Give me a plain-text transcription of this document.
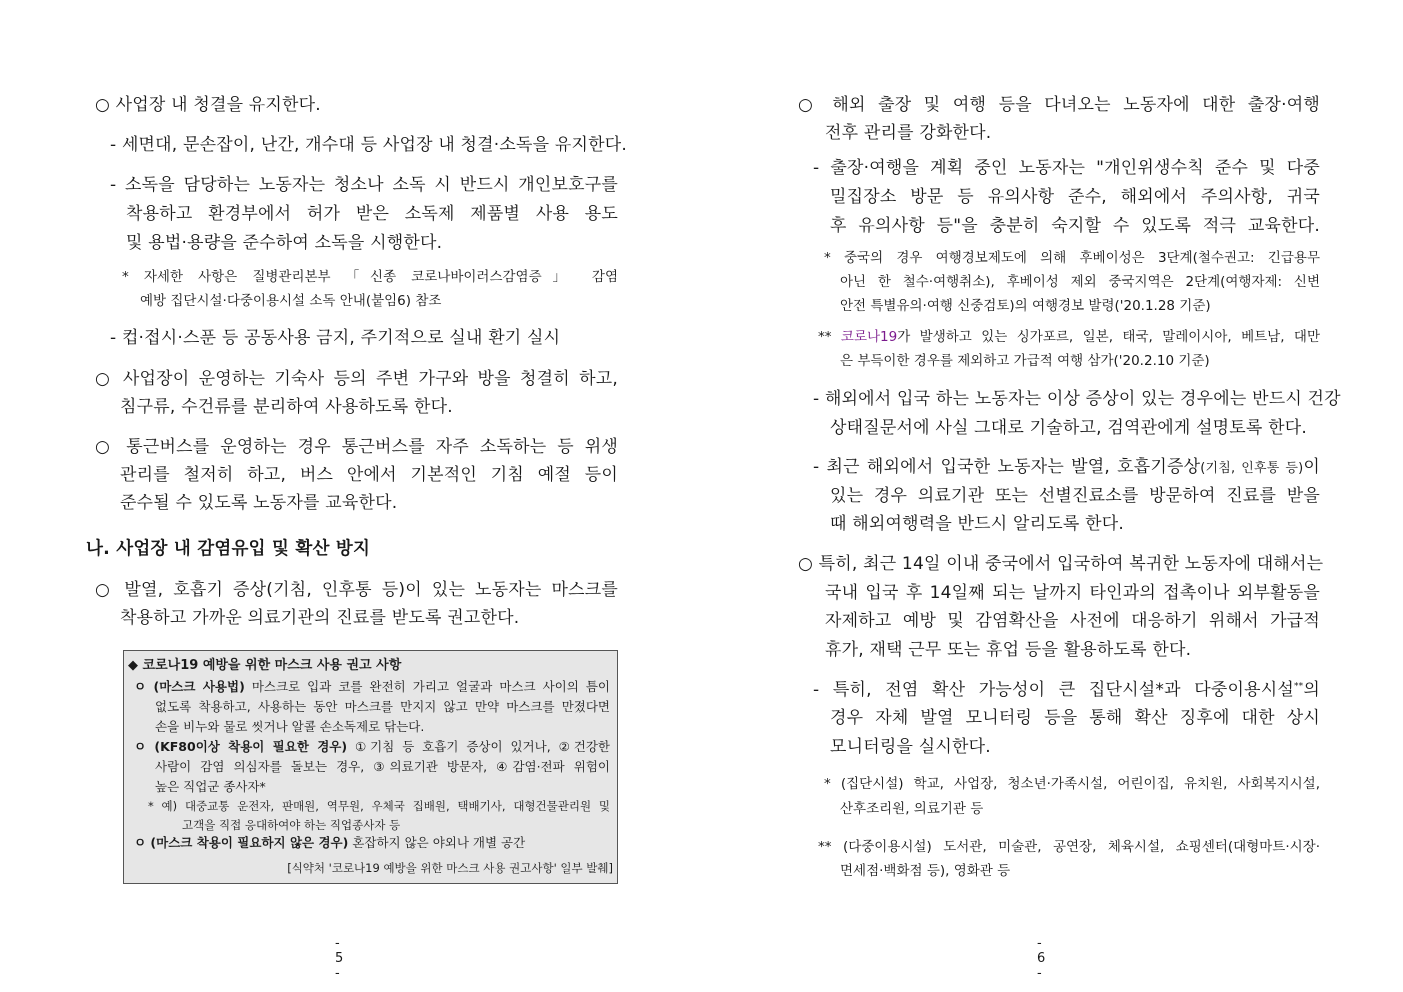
○ 사업장 내 청결을 유지한다.
- 세면대, 문손잡이, 난간, 개수대 등 사업장 내 청결·소독을 유지한다.
- 소독을 담당하는 노동자는 청소나 소독 시 반드시 개인보호구를
착용하고 환경부에서 허가 받은 소독제 제품별 사용 용도
및 용법·용량을 준수하여 소독을 시행한다.
* 자세한 사항은 질병관리본부 「신종 코로나바이러스감염증」 감염
예방 집단시설·다중이용시설 소독 안내(붙임6) 참조
- 컵·접시·스푼 등 공동사용 금지, 주기적으로 실내 환기 실시
○ 사업장이 운영하는 기숙사 등의 주변 가구와 방을 청결히 하고,
침구류, 수건류를 분리하여 사용하도록 한다.
○ 통근버스를 운영하는 경우 통근버스를 자주 소독하는 등 위생
관리를 철저히 하고, 버스 안에서 기본적인 기침 예절 등이
준수될 수 있도록 노동자를 교육한다.
나. 사업장 내 감염유입 및 확산 방지
○ 발열, 호흡기 증상(기침, 인후통 등)이 있는 노동자는 마스크를
착용하고 가까운 의료기관의 진료를 받도록 권고한다.
◆ 코로나19 예방을 위한 마스크 사용 권고 사항
ㅇ (마스크 사용법) 마스크로 입과 코를 완전히 가리고 얼굴과 마스크 사이의 틈이
없도록 착용하고, 사용하는 동안 마스크를 만지지 않고 만약 마스크를 만졌다면
손을 비누와 물로 씻거나 알콜 손소독제로 닦는다.
ㅇ (KF80이상 착용이 필요한 경우) ①기침 등 호흡기 증상이 있거나, ②건강한
사람이 감염 의심자를 돌보는 경우, ③의료기관 방문자, ④감염·전파 위험이
높은 직업군 종사자*
* 예) 대중교통 운전자, 판매원, 역무원, 우체국 집배원, 택배기사, 대형건물관리원 및
고객을 직접 응대하여야 하는 직업종사자 등
ㅇ (마스크 착용이 필요하지 않은 경우) 혼잡하지 않은 야외나 개별 공간
[식약처 '코로나19 예방을 위한 마스크 사용 권고사항' 일부 발췌]
- 5 -
○ 해외 출장 및 여행 등을 다녀오는 노동자에 대한 출장·여행
전후 관리를 강화한다.
- 출장·여행을 계획 중인 노동자는 "개인위생수칙 준수 및 다중
밀집장소 방문 등 유의사항 준수, 해외에서 주의사항, 귀국
후 유의사항 등"을 충분히 숙지할 수 있도록 적극 교육한다.
* 중국의 경우 여행경보제도에 의해 후베이성은 3단계(철수권고: 긴급용무
아닌 한 철수·여행취소), 후베이성 제외 중국지역은 2단계(여행자제: 신변
안전 특별유의·여행 신중검토)의 여행경보 발령('20.1.28 기준)
** 코로나19가 발생하고 있는 싱가포르, 일본, 태국, 말레이시아, 베트남, 대만
은 부득이한 경우를 제외하고 가급적 여행 삼가('20.2.10 기준)
- 해외에서 입국 하는 노동자는 이상 증상이 있는 경우에는 반드시 건강
상태질문서에 사실 그대로 기술하고, 검역관에게 설명토록 한다.
- 최근 해외에서 입국한 노동자는 발열, 호흡기증상(기침, 인후통 등)이
있는 경우 의료기관 또는 선별진료소를 방문하여 진료를 받을
때 해외여행력을 반드시 알리도록 한다.
○ 특히, 최근 14일 이내 중국에서 입국하여 복귀한 노동자에 대해서는
국내 입국 후 14일째 되는 날까지 타인과의 접촉이나 외부활동을
자제하고 예방 및 감염확산을 사전에 대응하기 위해서 가급적
휴가, 재택 근무 또는 휴업 등을 활용하도록 한다.
- 특히, 전염 확산 가능성이 큰 집단시설*과 다중이용시설**의
경우 자체 발열 모니터링 등을 통해 확산 징후에 대한 상시
모니터링을 실시한다.
* (집단시설) 학교, 사업장, 청소년·가족시설, 어린이집, 유치원, 사회복지시설,
산후조리원, 의료기관 등
** (다중이용시설) 도서관, 미술관, 공연장, 체육시설, 쇼핑센터(대형마트·시장·
면세점·백화점 등), 영화관 등
- 6 -
